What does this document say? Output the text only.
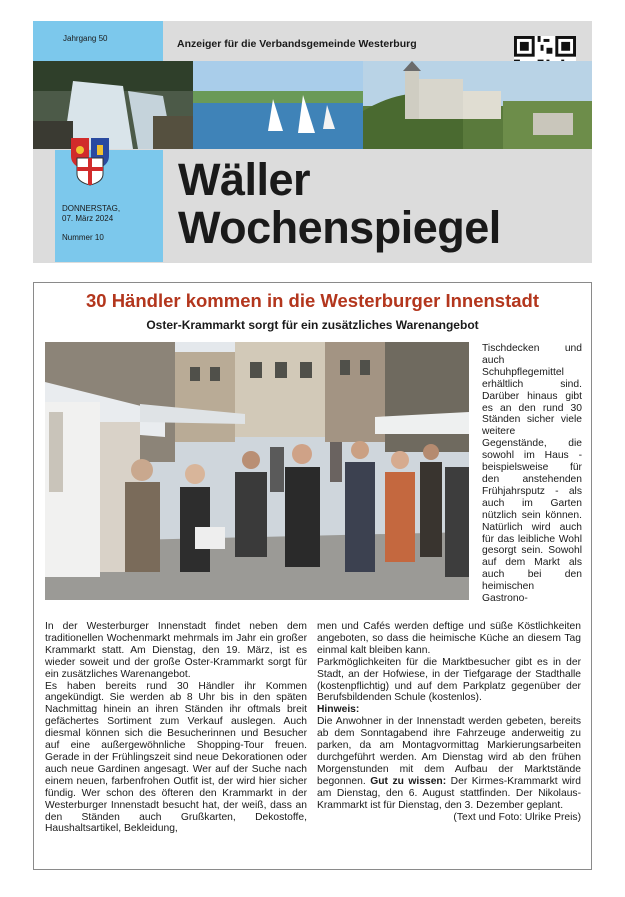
Jahrgang 50	Anzeiger für die Verbandsgemeinde Westerburg
DONNERSTAG,
07. März 2024
Nummer 10
Wäller
Wochenspiegel
30 Händler kommen in die Westerburger Innenstadt
Oster-Krammarkt sorgt für ein zusätzliches Warenangebot

Tischdecken und auch Schuhpflegemittel erhältlich sind. Darüber hinaus gibt es an den rund 30 Ständen sicher viele weitere Gegenstände, die sowohl im Haus - beispielsweise für den anstehenden Frühjahrsputz - als auch im Garten nützlich sein können. Natürlich wird auch für das leibliche Wohl gesorgt sein. Sowohl auf dem Markt als auch bei den heimischen Gastrono-

In der Westerburger Innenstadt findet neben dem traditionellen Wochenmarkt mehrmals im Jahr ein großer Krammarkt statt. Am Dienstag, den 19. März, ist es wieder soweit und der große Oster-Krammarkt sorgt für ein zusätzliches Warenangebot.

Es haben bereits rund 30 Händler ihr Kommen angekündigt. Sie werden ab 8 Uhr bis in den späten Nachmittag hinein an ihren Ständen ihr oftmals breit gefächertes Sortiment zum Verkauf auslegen. Auch diesmal können sich die Besucherinnen und Besucher auf eine außergewöhnliche Shopping-Tour freuen. Gerade in der Frühlingszeit sind neue Dekorationen oder auch neue Gardinen angesagt. Wer auf der Suche nach einem neuen, farbenfrohen Outfit ist, der wird hier sicher fündig. Wer schon des öfteren den Krammarkt in der Westerburger Innenstadt besucht hat, der weiß, dass an den Ständen auch Grußkarten, Dekostoffe, Haushaltsartikel, Bekleidung,

men und Cafés werden deftige und süße Köstlichkeiten angeboten, so dass die heimische Küche an diesem Tag einmal kalt bleiben kann.

Parkmöglichkeiten für die Marktbesucher gibt es in der Stadt, an der Hofwiese, in der Tiefgarage der Stadthalle (kostenpflichtig) und auf dem Parkplatz gegenüber der Berufsbildenden Schule (kostenlos).

Hinweis:

Die Anwohner in der Innenstadt werden gebeten, bereits ab dem Sonntagabend ihre Fahrzeuge anderweitig zu parken, da am Montagvormittag Markierungsarbeiten durchgeführt werden. Am Dienstag wird ab den frühen Morgenstunden mit dem Aufbau der Marktstände begonnen. Gut zu wissen: Der Kirmes-Krammarkt wird am Dienstag, den 6. August stattfinden. Der Nikolaus-Krammarkt ist für Dienstag, den 3. Dezember geplant.

(Text und Foto: Ulrike Preis)
